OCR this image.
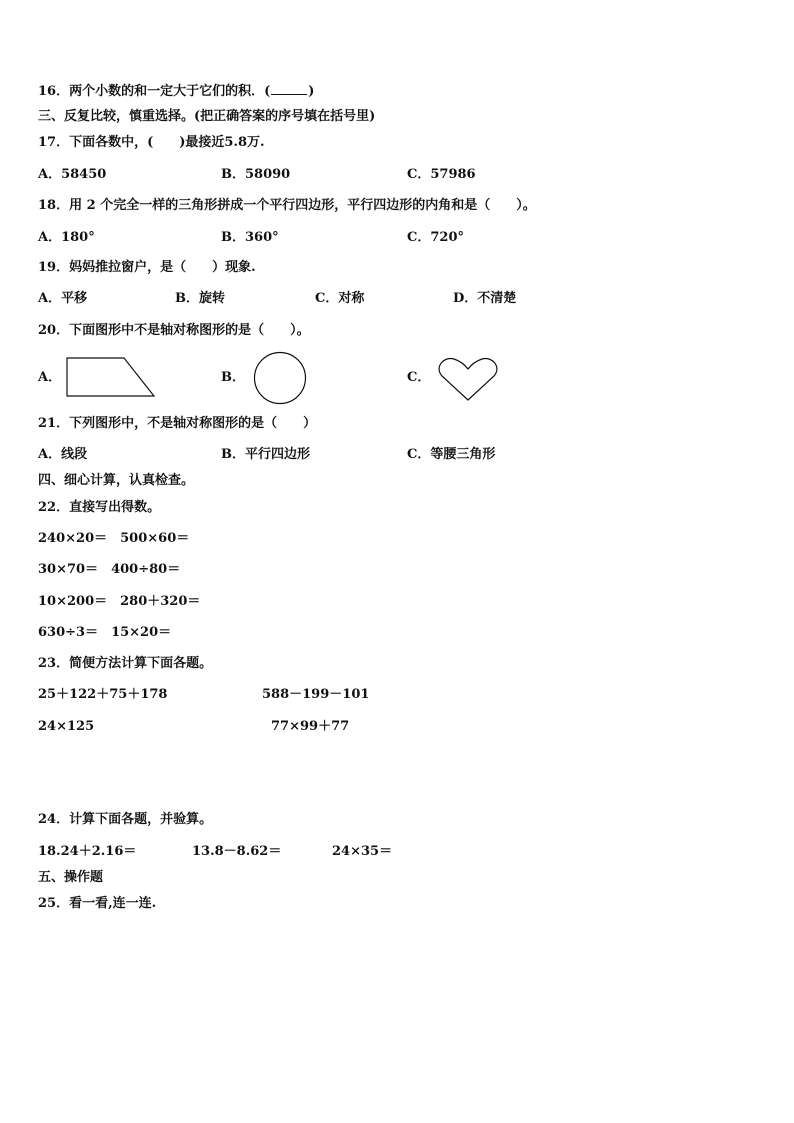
16．两个小数的和一定大于它们的积．(	)
三、反复比较，慎重选择。(把正确答案的序号填在括号里)
17．下面各数中，(　　)最接近5.8万.
A．58450	B．58090	C．57986
18．用 2 个完全一样的三角形拼成一个平行四边形，平行四边形的内角和是（　　）。
A．180°	B．360°	C．720°
19．妈妈推拉窗户，是（　　）现象.
A．平移	B．旋转	C．对称	D．不清楚
20．下面图形中不是轴对称图形的是（　　）。
A．	B．	C．
21．下列图形中，不是轴对称图形的是（　　）
A．线段	B．平行四边形	C．等腰三角形
四、细心计算，认真检查。
22．直接写出得数。
240×20＝　500×60＝
30×70＝　400÷80＝
10×200＝　280＋320＝
630÷3＝　15×20＝
23．简便方法计算下面各题。
25＋122＋75＋178	588－199－101
24×125	77×99＋77
24．计算下面各题，并验算。
18.24＋2.16＝	13.8－8.62＝	24×35＝
五、操作题
25．看一看,连一连.
